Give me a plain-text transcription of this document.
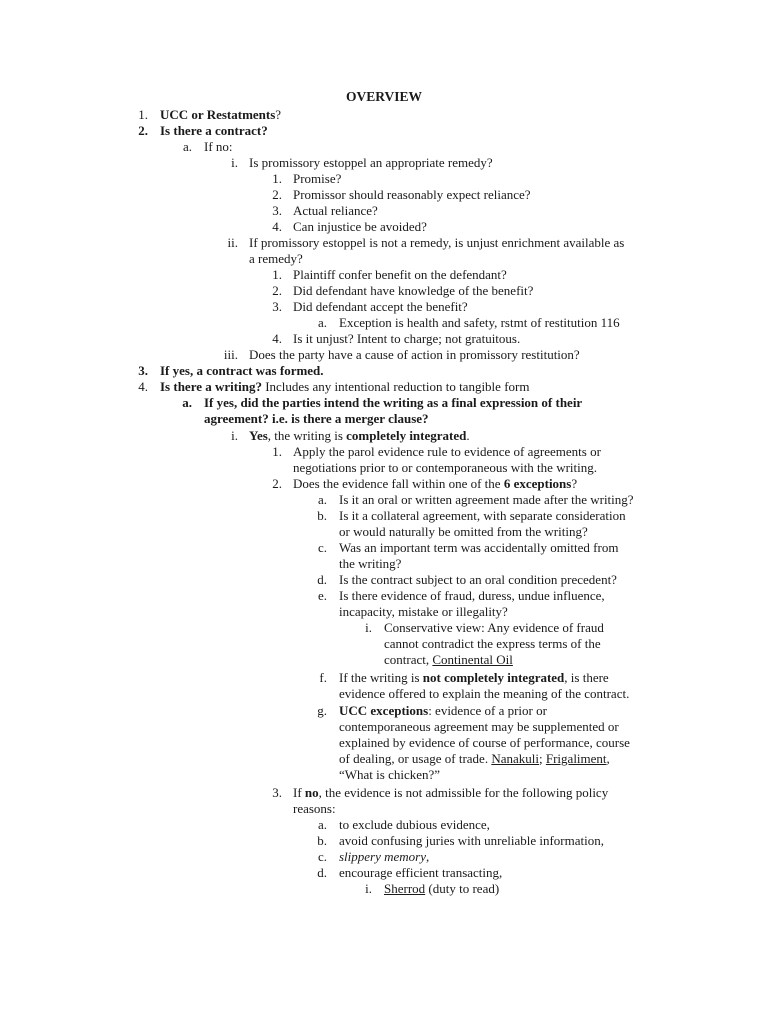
OVERVIEW
1. UCC or Restatments?
2. Is there a contract?
a. If no:
i. Is promissory estoppel an appropriate remedy?
1. Promise?
2. Promissor should reasonably expect reliance?
3. Actual reliance?
4. Can injustice be avoided?
ii. If promissory estoppel is not a remedy, is unjust enrichment available as
a remedy?
1. Plaintiff confer benefit on the defendant?
2. Did defendant have knowledge of the benefit?
3. Did defendant accept the benefit?
a. Exception is health and safety, rstmt of restitution 116
4. Is it unjust? Intent to charge; not gratuitous.
iii. Does the party have a cause of action in promissory restitution?
3. If yes, a contract was formed.
4. Is there a writing? Includes any intentional reduction to tangible form
a. If yes, did the parties intend the writing as a final expression of their
agreement? i.e. is there a merger clause?
i. Yes, the writing is completely integrated.
1. Apply the parol evidence rule to evidence of agreements or
negotiations prior to or contemporaneous with the writing.
2. Does the evidence fall within one of the 6 exceptions?
a. Is it an oral or written agreement made after the writing?
b. Is it a collateral agreement, with separate consideration
or would naturally be omitted from the writing?
c. Was an important term was accidentally omitted from
the writing?
d. Is the contract subject to an oral condition precedent?
e. Is there evidence of fraud, duress, undue influence,
incapacity, mistake or illegality?
i. Conservative view: Any evidence of fraud
cannot contradict the express terms of the
contract, Continental Oil
f. If the writing is not completely integrated, is there
evidence offered to explain the meaning of the contract.
g. UCC exceptions: evidence of a prior or
contemporaneous agreement may be supplemented or
explained by evidence of course of performance, course
of dealing, or usage of trade. Nanakuli; Frigaliment,
“What is chicken?”
3. If no, the evidence is not admissible for the following policy
reasons:
a. to exclude dubious evidence,
b. avoid confusing juries with unreliable information,
c. slippery memory,
d. encourage efficient transacting,
i. Sherrod (duty to read)
